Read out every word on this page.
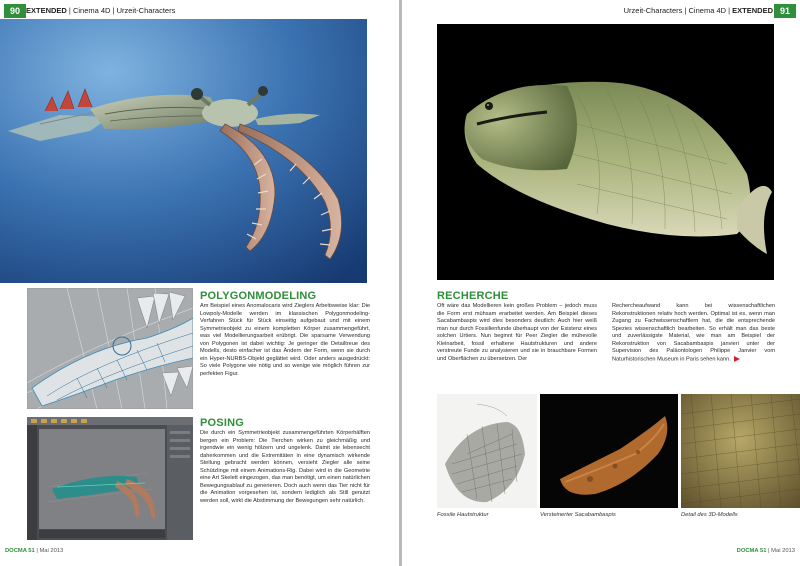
90 EXTENDED | Cinema 4D | Urzeit-Characters
POLYGONMODELING
Am Beispiel eines Anomalocaris wird Zieglers Arbeitsweise klar: Die Lowpoly-Modelle werden im klassischen Polygonmodeling-Verfahren Stück für Stück einseitig aufgebaut und mit einem Symmetrieobjekt zu einem kompletten Körper zusammengeführt, was viel Modellierungsarbeit erübrigt. Die sparsame Verwendung von Polygonen ist dabei wichtig: Je geringer die Detailtreue des Modells, desto einfacher ist das Ändern der Form, wenn sie durch ein Hyper-NURBS-Objekt geglättet wird. Oder anders ausgedrückt: So viele Polygone wie nötig und so wenige wie möglich führen zur perfekten Figur.
POSING
Die durch ein Symmetrieobjekt zusammengeführten Körperhälften bergen ein Problem: Die Tierchen wirken zu gleichmäßig und irgendwie ein wenig hölzern und ungelenk. Damit sie lebensecht daherkommen und die Extremitäten in eine dynamisch wirkende Stellung gebracht werden können, versieht Ziegler alle seine Schützlinge mit einem Animations-Rig. Dabei wird in die Geometrie eine Art Skelett eingezogen, das man benötigt, um einen natürlichen Bewegungsablauf zu generieren. Doch auch wenn das Tier nicht für die Animation vorgesehen ist, sondern lediglich als Still genutzt werden soll, wirkt die Abstimmung der Bewegungen sehr natürlich.
DOCMA 51 | Mai 2013
Urzeit-Characters | Cinema 4D | EXTENDED 91
RECHERCHE
Oft wäre das Modellieren kein großes Problem – jedoch muss die Form erst mühsam erarbeitet werden. Am Beispiel dieses Sacabambaspis wird dies besonders deutlich: Auch hier weiß man nur durch Fossilienfunde überhaupt von der Existenz eines solchen Urtiers. Nun beginnt für Peer Ziegler die mühevolle Kleinarbeit, fossil erhaltene Hautstrukturen und andere verstreute Funde zu analysieren und sie in brauchbare Formen und Oberflächen zu übersetzen. Der
Rechercheaufwand kann bei wissenschaftlichen Rekonstruktionen relativ hoch werden. Optimal ist es, wenn man Zugang zu Fachwissenschaftlern hat, die die entsprechende Spezies wissenschaftlich bearbeiten. So erhält man das beste und zuverlässigste Material, wie man am Beispiel der Rekonstruktion von Sacabambaspis janvieri unter der Supervision des Paläontologen Philippe Janvier vom Naturhistorischen Museum in Paris sehen kann.
Fossile Hautstruktur	Versteinerter Sacabambaspis	Detail des 3D-Modells
DOCMA 51 | Mai 2013
